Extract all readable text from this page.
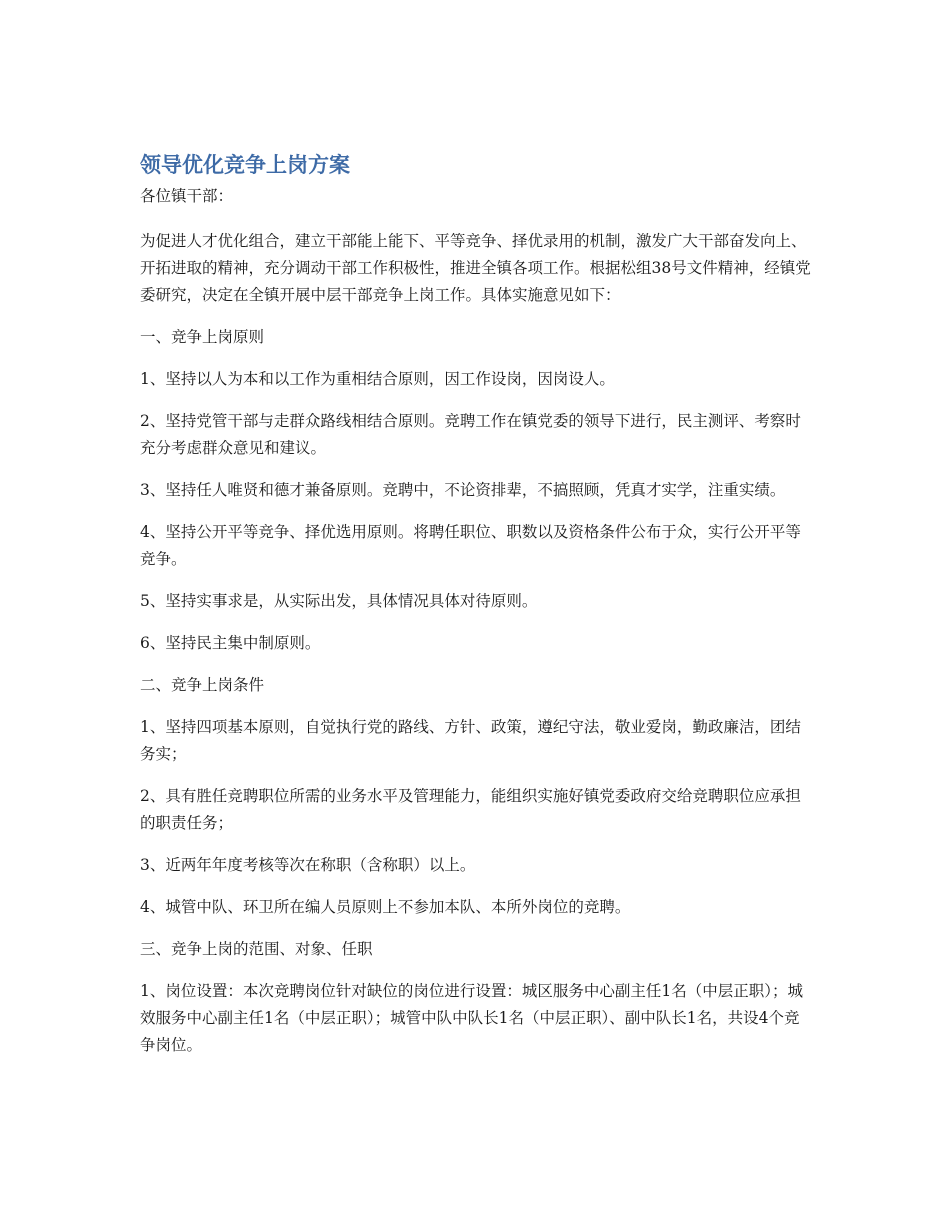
领导优化竞争上岗方案

各位镇干部：

为促进人才优化组合，建立干部能上能下、平等竞争、择优录用的机制，激发广大干部奋发向上、开拓进取的精神，充分调动干部工作积极性，推进全镇各项工作。根据松组38号文件精神，经镇党委研究，决定在全镇开展中层干部竞争上岗工作。具体实施意见如下：

一、竞争上岗原则

1、坚持以人为本和以工作为重相结合原则，因工作设岗，因岗设人。

2、坚持党管干部与走群众路线相结合原则。竞聘工作在镇党委的领导下进行，民主测评、考察时充分考虑群众意见和建议。

3、坚持任人唯贤和德才兼备原则。竞聘中，不论资排辈，不搞照顾，凭真才实学，注重实绩。

4、坚持公开平等竞争、择优选用原则。将聘任职位、职数以及资格条件公布于众，实行公开平等竞争。

5、坚持实事求是，从实际出发，具体情况具体对待原则。

6、坚持民主集中制原则。

二、竞争上岗条件

1、坚持四项基本原则，自觉执行党的路线、方针、政策，遵纪守法，敬业爱岗，勤政廉洁，团结务实；

2、具有胜任竞聘职位所需的业务水平及管理能力，能组织实施好镇党委政府交给竞聘职位应承担的职责任务；

3、近两年年度考核等次在称职（含称职）以上。

4、城管中队、环卫所在编人员原则上不参加本队、本所外岗位的竞聘。

三、竞争上岗的范围、对象、任职

1、岗位设置：本次竞聘岗位针对缺位的岗位进行设置：城区服务中心副主任1名（中层正职）；城效服务中心副主任1名（中层正职）；城管中队中队长1名（中层正职）、副中队长1名，共设4个竞争岗位。
